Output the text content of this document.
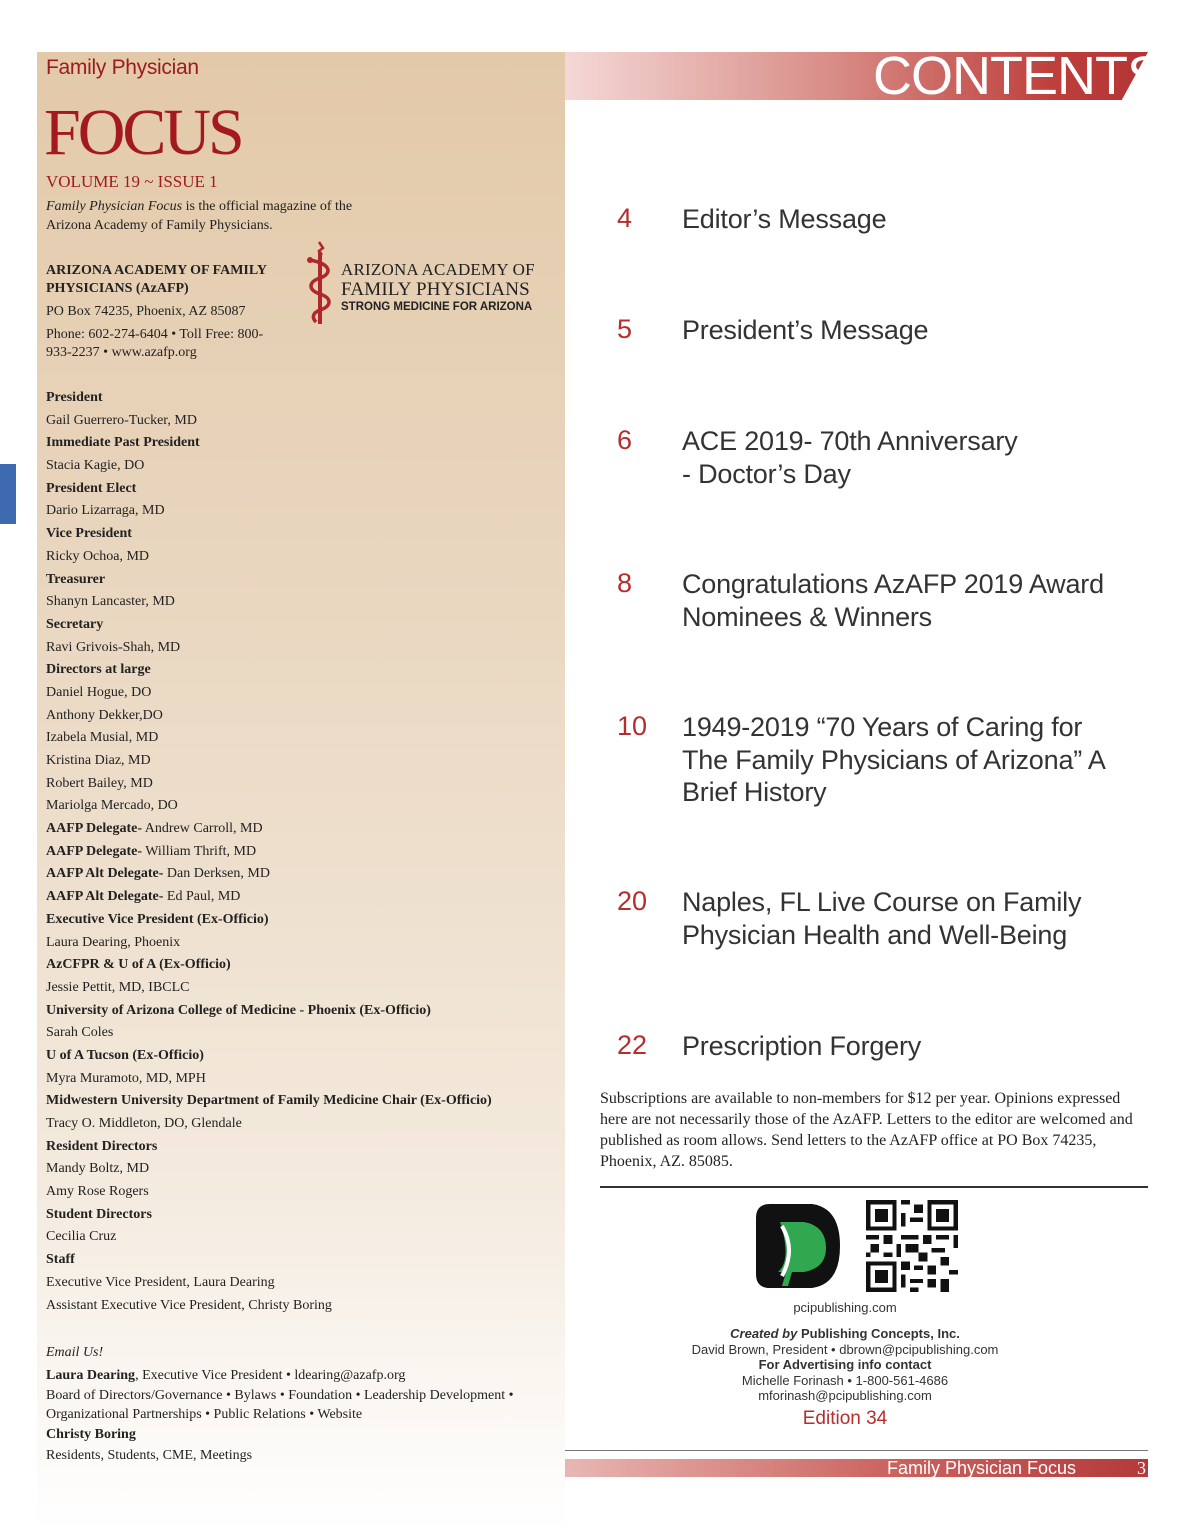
Family Physician
FOCUS
VOLUME 19 ~ ISSUE 1
Family Physician Focus is the official magazine of the Arizona Academy of Family Physicians.
ARIZONA ACADEMY OF FAMILY
PHYSICIANS (AzAFP)
PO Box 74235, Phoenix, AZ 85087
Phone: 602-274-6404 • Toll Free: 800-933-2237 • www.azafp.org
ARIZONA ACADEMY OF
FAMILY PHYSICIANS
STRONG MEDICINE FOR ARIZONA
President
Gail Guerrero-Tucker, MD
Immediate Past President
Stacia Kagie, DO
President Elect
Dario Lizarraga, MD
Vice President
Ricky Ochoa, MD
Treasurer
Shanyn Lancaster, MD
Secretary
Ravi Grivois-Shah, MD
Directors at large
Daniel Hogue, DO
Anthony Dekker,DO
Izabela Musial, MD
Kristina Diaz, MD
Robert Bailey, MD
Mariolga Mercado, DO
AAFP Delegate- Andrew Carroll, MD
AAFP Delegate- William Thrift, MD
AAFP Alt Delegate- Dan Derksen, MD
AAFP Alt Delegate- Ed Paul, MD
Executive Vice President (Ex-Officio)
Laura Dearing, Phoenix
AzCFPR & U of A (Ex-Officio)
Jessie Pettit, MD, IBCLC
University of Arizona College of Medicine - Phoenix (Ex-Officio)
Sarah Coles
U of A Tucson (Ex-Officio)
Myra Muramoto, MD, MPH
Midwestern University Department of Family Medicine Chair (Ex-Officio)
Tracy O. Middleton, DO, Glendale
Resident Directors
Mandy Boltz, MD
Amy Rose Rogers
Student Directors
Cecilia Cruz
Staff
Executive Vice President, Laura Dearing
Assistant Executive Vice President, Christy Boring
Email Us!
Laura Dearing, Executive Vice President • ldearing@azafp.org
Board of Directors/Governance • Bylaws • Foundation • Leadership Development •
Organizational Partnerships • Public Relations • Website
Christy Boring
Residents, Students, CME, Meetings
CONTENTS
4 Editor’s Message
5 President’s Message
6 ACE 2019- 70th Anniversary - Doctor’s Day
8 Congratulations AzAFP 2019 Award Nominees & Winners
10 1949-2019 “70 Years of Caring for The Family Physicians of Arizona” A Brief History
20 Naples, FL Live Course on Family Physician Health and Well-Being
22 Prescription Forgery
Subscriptions are available to non-members for $12 per year. Opinions expressed here are not necessarily those of the AzAFP. Letters to the editor are welcomed and published as room allows. Send letters to the AzAFP office at PO Box 74235, Phoenix, AZ. 85085.
pcipublishing.com
Created by Publishing Concepts, Inc.
David Brown, President • dbrown@pcipublishing.com
For Advertising info contact
Michelle Forinash • 1-800-561-4686
mforinash@pcipublishing.com
Edition 34
Family Physician Focus	3
